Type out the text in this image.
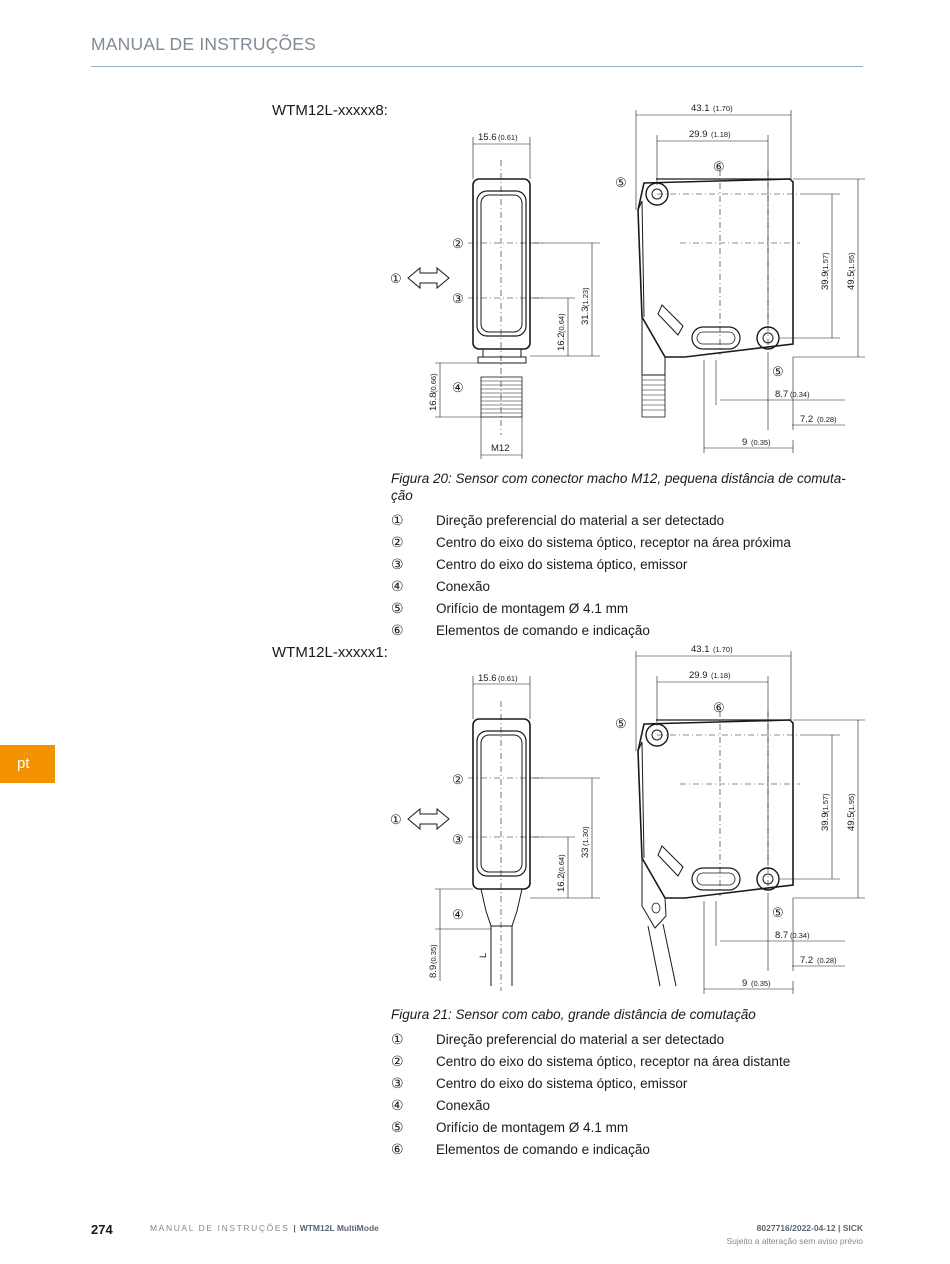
MANUAL DE INSTRUÇÕES
pt
WTM12L-xxxxx8:
15.6 (0.61)
M12
31.3
(1.23)
16.2
(0.64)
16.8
(0.66)
43.1 (1.70)
29.9 (1.18)
49.5
(1.95)
39.9
(1.57)
8.7 (0.34)
7.2 (0.28)
9 (0.35)
①
②
③
④
⑤
⑤
⑥
Figura 20: Sensor com conector macho M12, pequena distância de comuta-
ção
① Direção preferencial do material a ser detectado
② Centro do eixo do sistema óptico, receptor na área próxima
③ Centro do eixo do sistema óptico, emissor
④ Conexão
⑤ Orifício de montagem Ø 4.1 mm
⑥ Elementos de comando e indicação
WTM12L-xxxxx1:
15.6 (0.61)
33
(1.30)
16.2
(0.64)
8.9
(0.35)	L
43.1 (1.70)
29.9 (1.18)
49.5
(1.95)
39.9
(1.57)
8.7 (0.34)
7.2 (0.28)
9 (0.35)
①
②
③
④
⑤
⑤
⑥
Figura 21: Sensor com cabo, grande distância de comutação
① Direção preferencial do material a ser detectado
② Centro do eixo do sistema óptico, receptor na área distante
③ Centro do eixo do sistema óptico, emissor
④ Conexão
⑤ Orifício de montagem Ø 4.1 mm
⑥ Elementos de comando e indicação
274	MANUAL DE INSTRUÇÕES | WTM12L MultiMode	8027716/2022-04-12 | SICK
Sujeito a alteração sem aviso prévio
